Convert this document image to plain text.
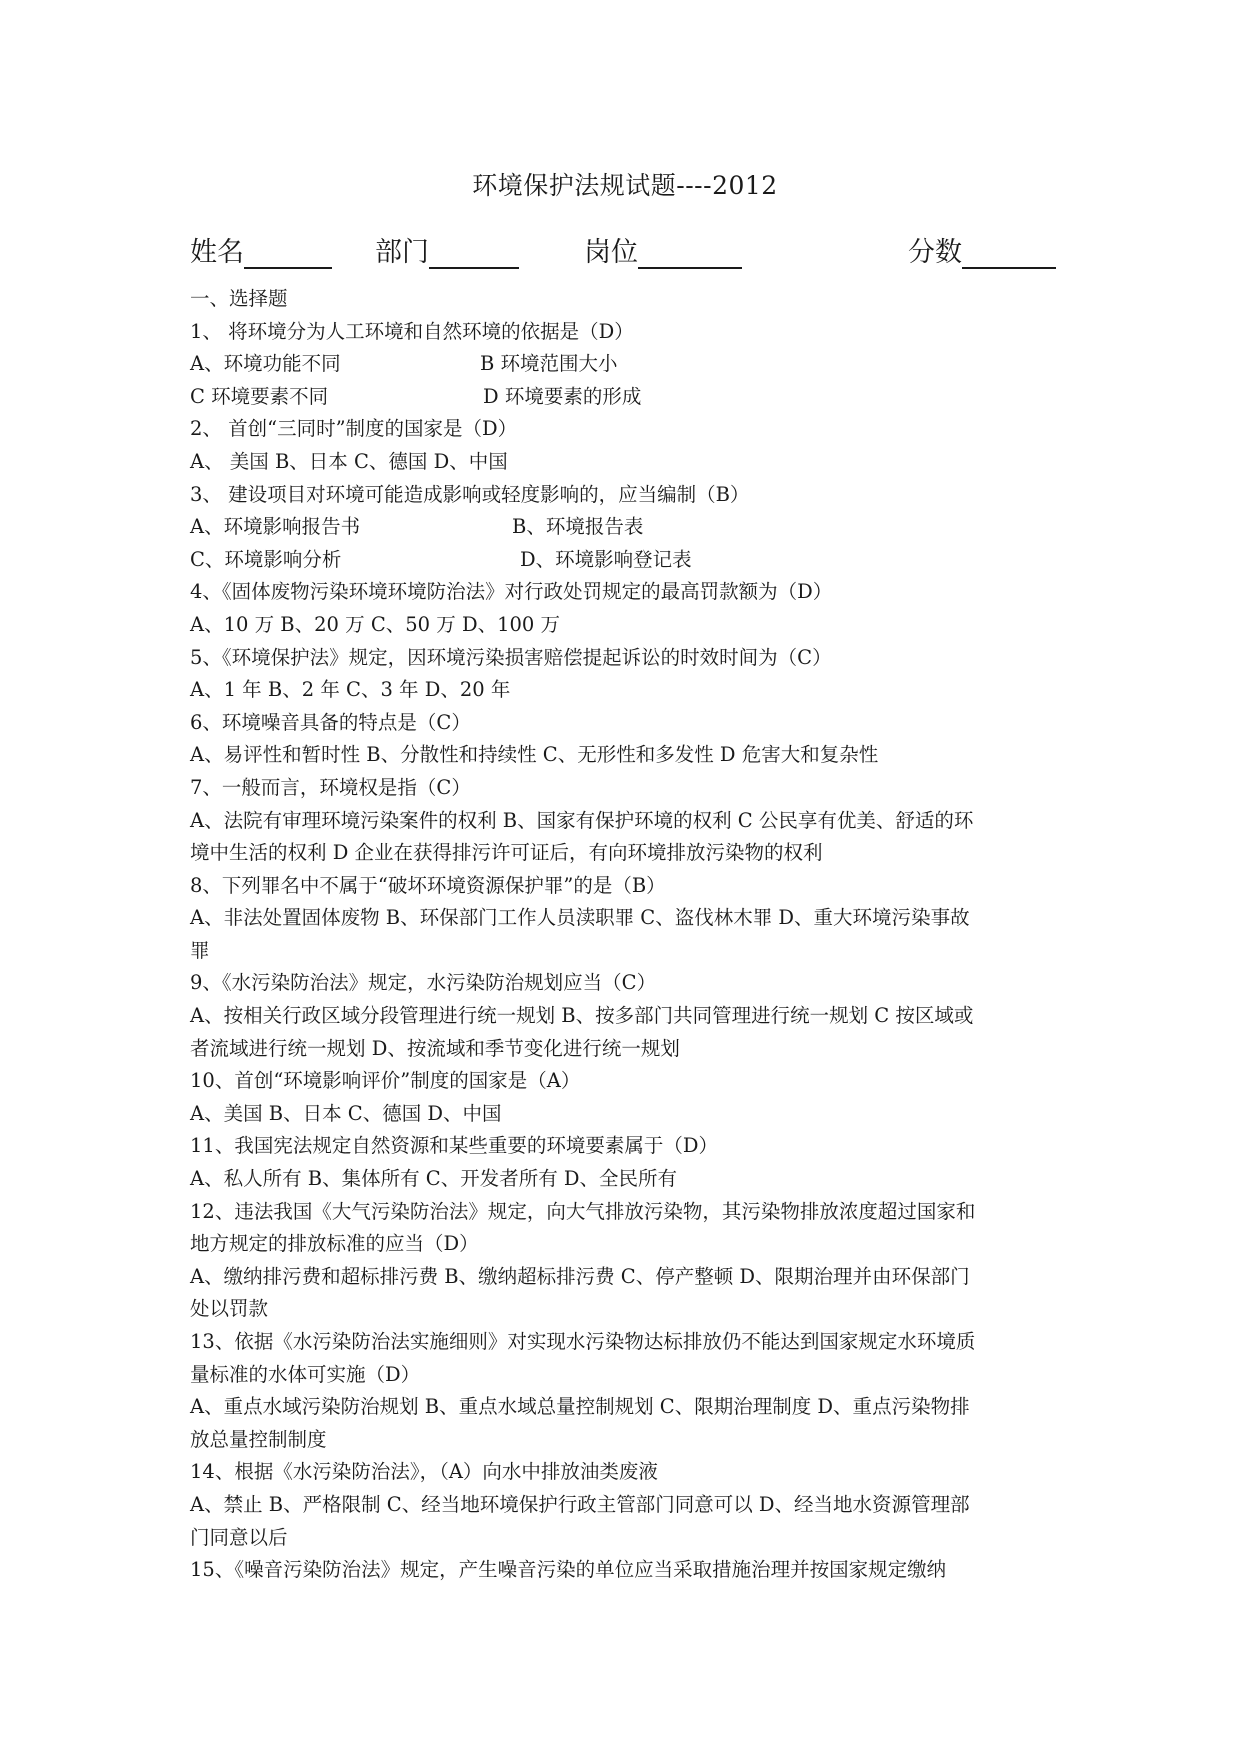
环境保护法规试题----2012
姓名	部门	岗位	分数
一、选择题
1、 将环境分为人工环境和自然环境的依据是（D）
A、环境功能不同	B 环境范围大小
C 环境要素不同	D 环境要素的形成
2、 首创“三同时”制度的国家是（D）
A、 美国 B、日本 C、德国 D、中国
3、 建设项目对环境可能造成影响或轻度影响的，应当编制（B）
A、环境影响报告书	B、环境报告表
C、环境影响分析	D、环境影响登记表
4、《固体废物污染环境环境防治法》对行政处罚规定的最高罚款额为（D）
A、10 万 B、20 万 C、50 万 D、100 万
5、《环境保护法》规定，因环境污染损害赔偿提起诉讼的时效时间为（C）
A、1 年 B、2 年 C、3 年 D、20 年
6、环境噪音具备的特点是（C）
A、易评性和暂时性 B、分散性和持续性 C、无形性和多发性 D 危害大和复杂性
7、一般而言，环境权是指（C）
A、法院有审理环境污染案件的权利 B、国家有保护环境的权利 C 公民享有优美、舒适的环
境中生活的权利 D 企业在获得排污许可证后，有向环境排放污染物的权利
8、下列罪名中不属于“破坏环境资源保护罪”的是（B）
A、非法处置固体废物 B、环保部门工作人员渎职罪 C、盗伐林木罪 D、重大环境污染事故
罪
9、《水污染防治法》规定，水污染防治规划应当（C）
A、按相关行政区域分段管理进行统一规划 B、按多部门共同管理进行统一规划 C 按区域或
者流域进行统一规划 D、按流域和季节变化进行统一规划
10、首创“环境影响评价”制度的国家是（A）
A、美国 B、日本 C、德国 D、中国
11、我国宪法规定自然资源和某些重要的环境要素属于（D）
A、私人所有 B、集体所有 C、开发者所有 D、全民所有
12、违法我国《大气污染防治法》规定，向大气排放污染物，其污染物排放浓度超过国家和
地方规定的排放标准的应当（D）
A、缴纳排污费和超标排污费 B、缴纳超标排污费 C、停产整顿 D、限期治理并由环保部门
处以罚款
13、依据《水污染防治法实施细则》对实现水污染物达标排放仍不能达到国家规定水环境质
量标准的水体可实施（D）
A、重点水域污染防治规划 B、重点水域总量控制规划 C、限期治理制度 D、重点污染物排
放总量控制制度
14、根据《水污染防治法》，（A）向水中排放油类废液
A、禁止 B、严格限制 C、经当地环境保护行政主管部门同意可以 D、经当地水资源管理部
门同意以后
15、《噪音污染防治法》规定，产生噪音污染的单位应当采取措施治理并按国家规定缴纳
